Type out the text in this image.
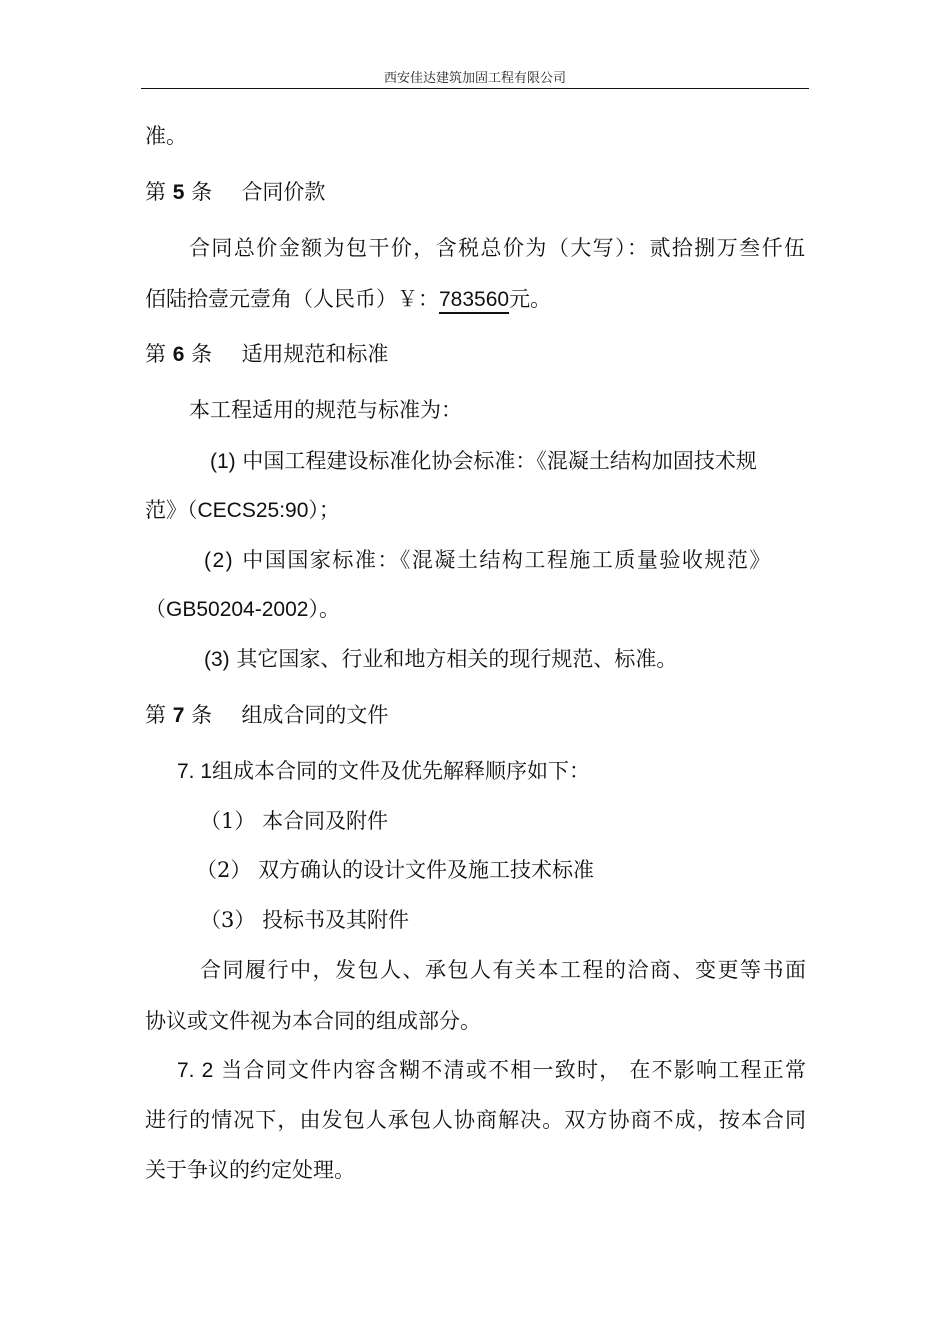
西安佳达建筑加固工程有限公司
准。
第 5 条 合同价款
合同总价金额为包干价，含税总价为（大写）：贰拾捌万叁仟伍
佰陆拾壹元壹角（人民币）￥：783560元。
第 6 条 适用规范和标准
本工程适用的规范与标准为：
(1) 中国工程建设标准化协会标准：《混凝土结构加固技术规
范》（CECS25:90）；
(2) 中国国家标准：《混凝土结构工程施工质量验收规范》
（GB50204-2002）。
(3) 其它国家、行业和地方相关的现行规范、标准。
第 7 条 组成合同的文件
7. 1组成本合同的文件及优先解释顺序如下：
（1） 本合同及附件
（2） 双方确认的设计文件及施工技术标准
（3） 投标书及其附件
合同履行中，发包人、承包人有关本工程的洽商、变更等书面
协议或文件视为本合同的组成部分。
7. 2 当合同文件内容含糊不清或不相一致时， 在不影响工程正常
进行的情况下，由发包人承包人协商解决。双方协商不成，按本合同
关于争议的约定处理。
